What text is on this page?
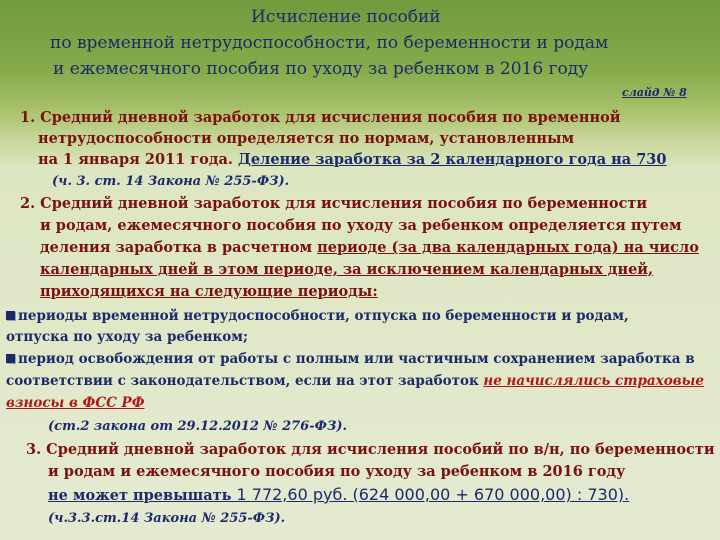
Исчисление пособий
по временной нетрудоспособности, по беременности и родам
и ежемесячного пособия по уходу за ребенком в 2016 году
слайд № 8
1. Средний дневной заработок для исчисления пособия по временной
нетрудоспособности определяется по нормам, установленным
на 1 января 2011 года. Деление заработка за 2 календарного года на 730
(ч. 3. ст. 14 Закона № 255-ФЗ).
2. Средний дневной заработок для исчисления пособия по беременности
и родам, ежемесячного пособия по уходу за ребенком определяется путем
деления заработка в расчетном периоде (за два календарных года) на число
календарных дней в этом периоде, за исключением календарных дней,
приходящихся на следующие периоды:
периоды временной нетрудоспособности, отпуска по беременности и родам,
отпуска по уходу за ребенком;
период освобождения от работы с полным или частичным сохранением заработка в
соответствии с законодательством, если на этот заработок не начислялись страховые
взносы в ФСС РФ
(ст.2 закона от 29.12.2012 № 276-ФЗ).
3. Средний дневной заработок для исчисления пособий по в/н, по беременности
и родам и ежемесячного пособия по уходу за ребенком в 2016 году
не может превышать 1 772,60 руб. (624 000,00 + 670 000,00) : 730).
(ч.3.3.ст.14 Закона № 255-ФЗ).
